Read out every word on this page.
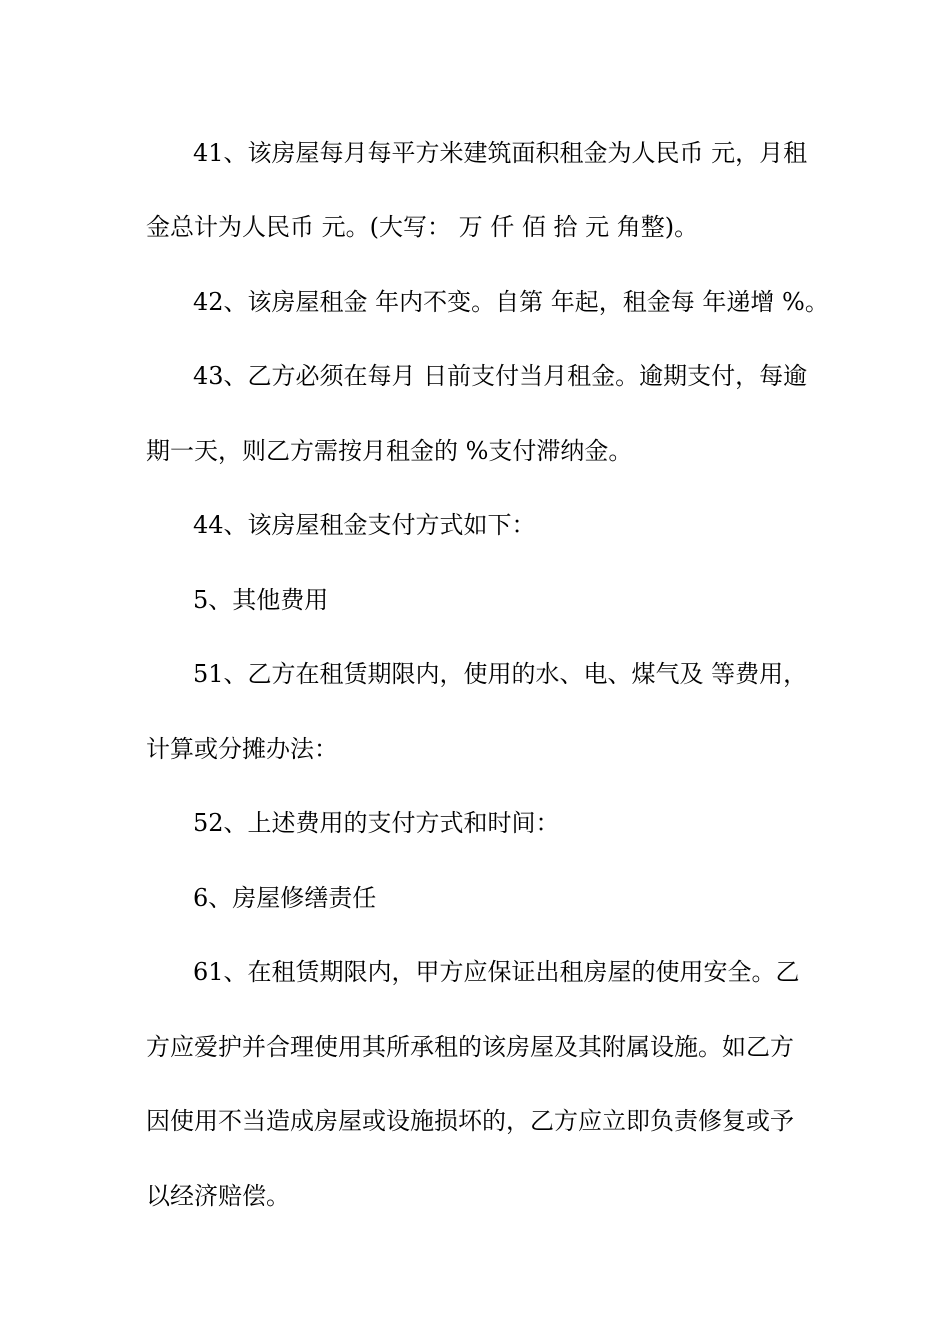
41、该房屋每月每平方米建筑面积租金为人民币 元，月租
金总计为人民币 元。(大写： 万 仟 佰 拾 元 角整)。
42、该房屋租金 年内不变。自第 年起，租金每 年递增 %。
43、乙方必须在每月 日前支付当月租金。逾期支付，每逾
期一天，则乙方需按月租金的 %支付滞纳金。
44、该房屋租金支付方式如下：
5、其他费用
51、乙方在租赁期限内，使用的水、电、煤气及 等费用，
计算或分摊办法：
52、上述费用的支付方式和时间：
6、房屋修缮责任
61、在租赁期限内，甲方应保证出租房屋的使用安全。乙
方应爱护并合理使用其所承租的该房屋及其附属设施。如乙方
因使用不当造成房屋或设施损坏的，乙方应立即负责修复或予
以经济赔偿。
